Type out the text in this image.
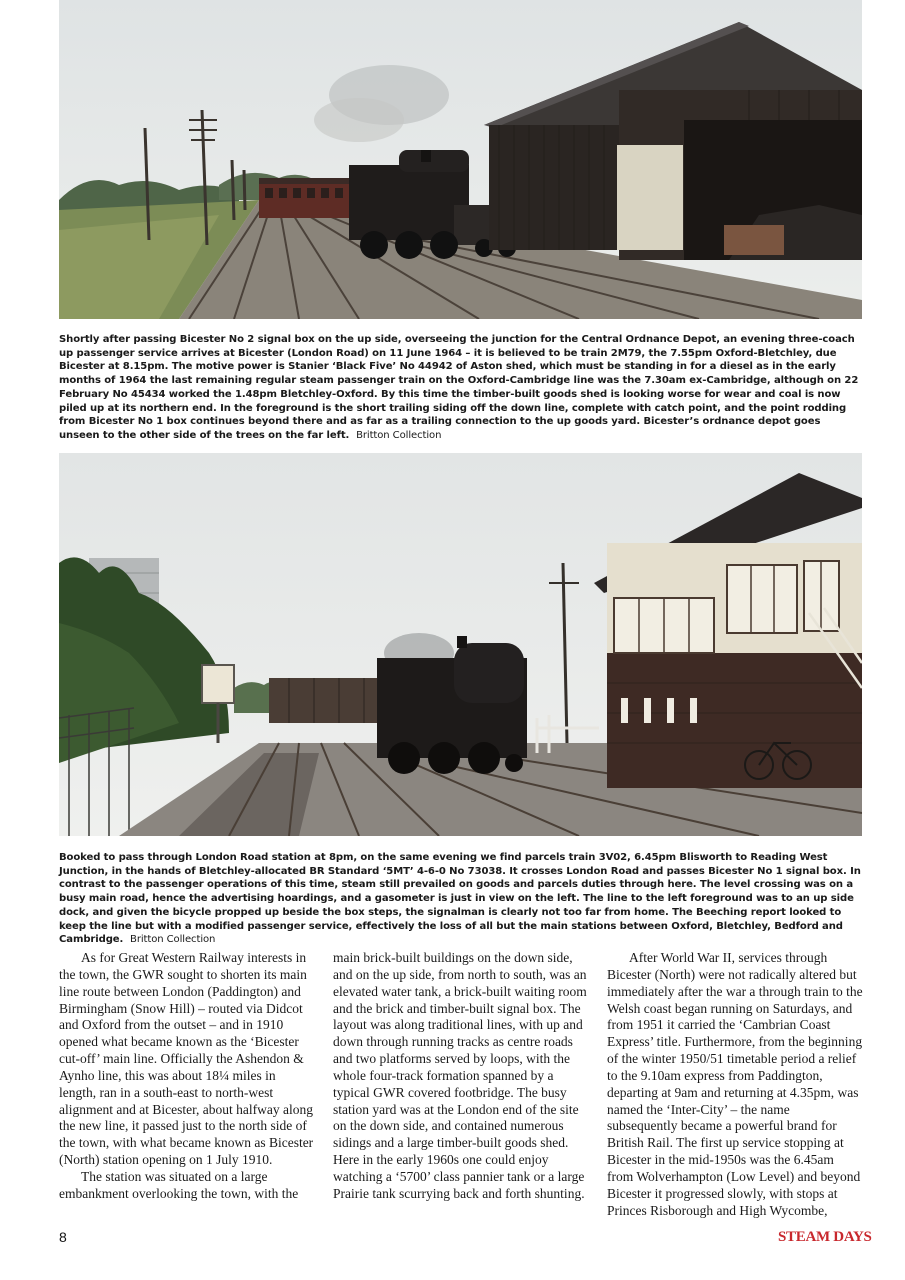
Shortly after passing Bicester No 2 signal box on the up side, overseeing the junction for the Central Ordnance Depot, an evening three-coach up passenger service arrives at Bicester (London Road) on 11 June 1964 – it is believed to be train 2M79, the 7.55pm Oxford-Bletchley, due Bicester at 8.15pm. The motive power is Stanier ‘Black Five’ No 44942 of Aston shed, which must be standing in for a diesel as in the early months of 1964 the last remaining regular steam passenger train on the Oxford-Cambridge line was the 7.30am ex-Cambridge, although on 22 February No 45434 worked the 1.48pm Bletchley-Oxford. By this time the timber-built goods shed is looking worse for wear and coal is now piled up at its northern end. In the foreground is the short trailing siding off the down line, complete with catch point, and the point rodding from Bicester No 1 box continues beyond there and as far as a trailing connection to the up goods yard. Bicester’s ordnance depot goes unseen to the other side of the trees on the far left. Britton Collection

Booked to pass through London Road station at 8pm, on the same evening we find parcels train 3V02, 6.45pm Blisworth to Reading West Junction, in the hands of Bletchley-allocated BR Standard ‘5MT’ 4-6-0 No 73038. It crosses London Road and passes Bicester No 1 signal box. In contrast to the passenger operations of this time, steam still prevailed on goods and parcels duties through here. The level crossing was on a busy main road, hence the advertising hoardings, and a gasometer is just in view on the left. The line to the left foreground was to an up side dock, and given the bicycle propped up beside the box steps, the signalman is clearly not too far from home. The Beeching report looked to keep the line but with a modified passenger service, effectively the loss of all but the main stations between Oxford, Bletchley, Bedford and Cambridge. Britton Collection

As for Great Western Railway interests in the town, the GWR sought to shorten its main line route between London (Paddington) and Birmingham (Snow Hill) – routed via Didcot and Oxford from the outset – and in 1910 opened what became known as the ‘Bicester cut-off’ main line. Officially the Ashendon & Aynho line, this was about 18¼ miles in length, ran in a south-east to north-west alignment and at Bicester, about halfway along the new line, it passed just to the north side of the town, with what became known as Bicester (North) station opening on 1 July 1910.

The station was situated on a large embankment overlooking the town, with the

main brick-built buildings on the down side, and on the up side, from north to south, was an elevated water tank, a brick-built waiting room and the brick and timber-built signal box. The layout was along traditional lines, with up and down through running tracks as centre roads and two platforms served by loops, with the whole four-track formation spanned by a typical GWR covered footbridge. The busy station yard was at the London end of the site on the down side, and contained numerous sidings and a large timber-built goods shed. Here in the early 1960s one could enjoy watching a ‘5700’ class pannier tank or a large Prairie tank scurrying back and forth shunting.

After World War II, services through Bicester (North) were not radically altered but immediately after the war a through train to the Welsh coast began running on Saturdays, and from 1951 it carried the ‘Cambrian Coast Express’ title. Furthermore, from the beginning of the winter 1950/51 timetable period a relief to the 9.10am express from Paddington, departing at 9am and returning at 4.35pm, was named the ‘Inter-City’ – the name subsequently became a powerful brand for British Rail. The first up service stopping at Bicester in the mid-1950s was the 6.45am from Wolverhampton (Low Level) and beyond Bicester it progressed slowly, with stops at Princes Risborough and High Wycombe,

8	STEAM DAYS
